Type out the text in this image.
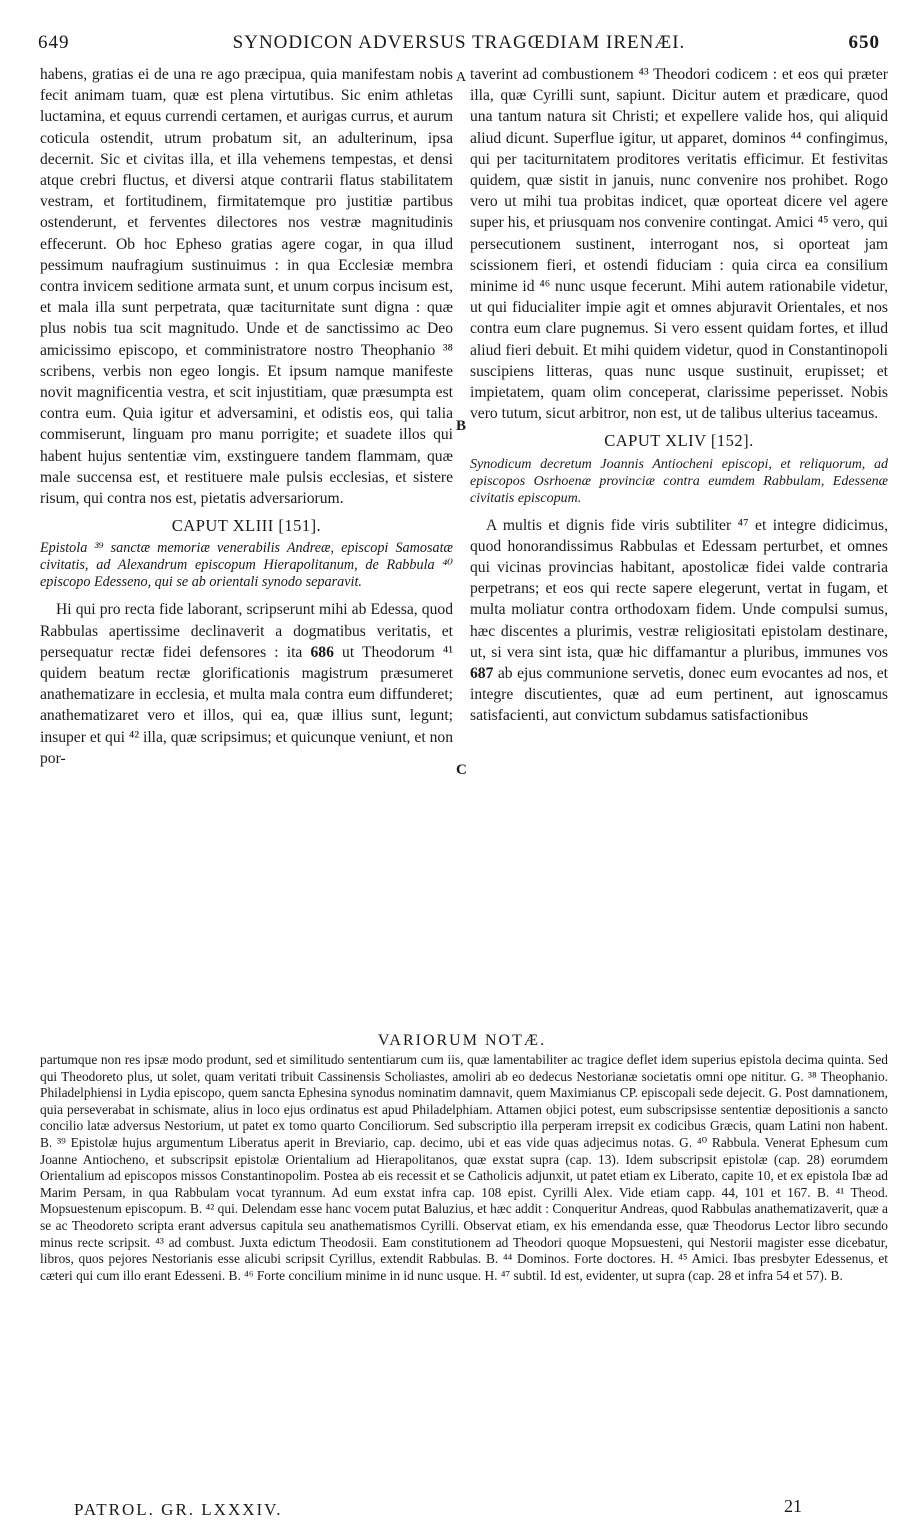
649	SYNODICON ADVERSUS TRAGŒDIAM IRENÆI.	650
A
B
C

habens, gratias ei de una re ago præcipua, quia manifestam nobis fecit animam tuam, quæ est plena virtutibus. Sic enim athletas luctamina, et equus currendi certamen, et aurigas currus, et aurum coticula ostendit, utrum probatum sit, an adulterinum, ipsa decernit. Sic et civitas illa, et illa vehemens tempestas, et densi atque crebri fluctus, et diversi atque contrarii flatus stabilitatem vestram, et fortitudinem, firmitatemque pro justitiæ partibus ostenderunt, et ferventes dilectores nos vestræ magnitudinis effecerunt. Ob hoc Epheso gratias agere cogar, in qua illud pessimum naufragium sustinuimus : in qua Ecclesiæ membra contra invicem seditione armata sunt, et unum corpus incisum est, et mala illa sunt perpetrata, quæ taciturnitate sunt digna : quæ plus nobis tua scit magnitudo. Unde et de sanctissimo ac Deo amicissimo episcopo, et comministratore nostro Theophanio ³⁸ scribens, verbis non egeo longis. Et ipsum namque manifeste novit magnificentia vestra, et scit injustitiam, quæ præsumpta est contra eum. Quia igitur et adversamini, et odistis eos, qui talia commiserunt, linguam pro manu porrigite; et suadete illos qui habent hujus sententiæ vim, exstinguere tandem flammam, quæ male succensa est, et restituere male pulsis ecclesias, et sistere risum, qui contra nos est, pietatis adversariorum.

CAPUT XLIII [151].
Epistola ³⁹ sanctæ memoriæ venerabilis Andreæ, episcopi Samosatæ civitatis, ad Alexandrum episcopum Hierapolitanum, de Rabbula ⁴⁰ episcopo Edesseno, qui se ab orientali synodo separavit.

Hi qui pro recta fide laborant, scripserunt mihi ab Edessa, quod Rabbulas apertissime declinaverit a dogmatibus veritatis, et persequatur rectæ fidei defensores : ita 686 ut Theodorum ⁴¹ quidem beatum rectæ glorificationis magistrum præsumeret anathematizare in ecclesia, et multa mala contra eum diffunderet; anathematizaret vero et illos, qui ea, quæ illius sunt, legunt; insuper et qui ⁴² illa, quæ scripsimus; et quicunque veniunt, et non por-

taverint ad combustionem ⁴³ Theodori codicem : et eos qui præter illa, quæ Cyrilli sunt, sapiunt. Dicitur autem et prædicare, quod una tantum natura sit Christi; et expellere valide hos, qui aliquid aliud dicunt. Superflue igitur, ut apparet, dominos ⁴⁴ confingimus, qui per taciturnitatem proditores veritatis efficimur. Et festivitas quidem, quæ sistit in januis, nunc convenire nos prohibet. Rogo vero ut mihi tua probitas indicet, quæ oporteat dicere vel agere super his, et priusquam nos convenire contingat. Amici ⁴⁵ vero, qui persecutionem sustinent, interrogant nos, si oporteat jam scissionem fieri, et ostendi fiduciam : quia circa ea consilium minime id ⁴⁶ nunc usque fecerunt. Mihi autem rationabile videtur, ut qui fiducialiter impie agit et omnes abjuravit Orientales, et nos contra eum clare pugnemus. Si vero essent quidam fortes, et illud aliud fieri debuit. Et mihi quidem videtur, quod in Constantinopoli suscipiens litteras, quas nunc usque sustinuit, erupisset; et impietatem, quam olim conceperat, clarissime peperisset. Nobis vero tutum, sicut arbitror, non est, ut de talibus ulterius taceamus.

CAPUT XLIV [152].
Synodicum decretum Joannis Antiocheni episcopi, et reliquorum, ad episcopos Osrhoenæ provinciæ contra eumdem Rabbulam, Edessenæ civitatis episcopum.

A multis et dignis fide viris subtiliter ⁴⁷ et integre didicimus, quod honorandissimus Rabbulas et Edessam perturbet, et omnes qui vicinas provincias habitant, apostolicæ fidei valde contraria perpetrans; et eos qui recte sapere elegerunt, vertat in fugam, et multa moliatur contra orthodoxam fidem. Unde compulsi sumus, hæc discentes a plurimis, vestræ religiositati epistolam destinare, ut, si vera sint ista, quæ hic diffamantur a pluribus, immunes vos 687 ab ejus communione servetis, donec eum evocantes ad nos, et integre discutientes, quæ ad eum pertinent, aut ignoscamus satisfacienti, aut convictum subdamus satisfactionibus

VARIORUM NOTÆ.

partumque non res ipsæ modo produnt, sed et similitudo sententiarum cum iis, quæ lamentabiliter ac tragice deflet idem superius epistola decima quinta. Sed qui Theodoreto plus, ut solet, quam veritati tribuit Cassinensis Scholiastes, amoliri ab eo dedecus Nestorianæ societatis omni ope nititur. G. ³⁸ Theophanio. Philadelphiensi in Lydia episcopo, quem sancta Ephesina synodus nominatim damnavit, quem Maximianus CP. episcopali sede dejecit. G. Post damnationem, quia perseverabat in schismate, alius in loco ejus ordinatus est apud Philadelphiam. Attamen objici potest, eum subscripsisse sententiæ depositionis a sancto concilio latæ adversus Nestorium, ut patet ex tomo quarto Conciliorum. Sed subscriptio illa perperam irrepsit ex codicibus Græcis, quam Latini non habent. B. ³⁹ Epistolæ hujus argumentum Liberatus aperit in Breviario, cap. decimo, ubi et eas vide quas adjecimus notas. G. ⁴⁰ Rabbula. Venerat Ephesum cum Joanne Antiocheno, et subscripsit epistolæ Orientalium ad Hierapolitanos, quæ exstat supra (cap. 13). Idem subscripsit epistolæ (cap. 28) eorumdem Orientalium ad episcopos missos Constantinopolim. Postea ab eis recessit et se Catholicis adjunxit, ut patet etiam ex Liberato, capite 10, et ex epistola Ibæ ad Marim Persam, in qua Rabbulam vocat tyrannum. Ad eum exstat infra cap. 108 epist. Cyrilli Alex. Vide etiam capp. 44, 101 et 167. B. ⁴¹ Theod. Mopsuestenum episcopum. B. ⁴² qui. Delendam esse hanc vocem putat Baluzius, et hæc addit : Conqueritur Andreas, quod Rabbulas anathematizaverit, quæ a se ac Theodoreto scripta erant adversus capitula seu anathematismos Cyrilli. Observat etiam, ex his emendanda esse, quæ Theodorus Lector libro secundo minus recte scripsit. ⁴³ ad combust. Juxta edictum Theodosii. Eam constitutionem ad Theodori quoque Mopsuesteni, qui Nestorii magister esse dicebatur, libros, quos pejores Nestorianis esse alicubi scripsit Cyrillus, extendit Rabbulas. B. ⁴⁴ Dominos. Forte doctores. H. ⁴⁵ Amici. Ibas presbyter Edessenus, et cæteri qui cum illo erant Edesseni. B. ⁴⁶ Forte concilium minime in id nunc usque. H. ⁴⁷ subtil. Id est, evidenter, ut supra (cap. 28 et infra 54 et 57). B.

PATROL. GR. LXXXIV.	21
